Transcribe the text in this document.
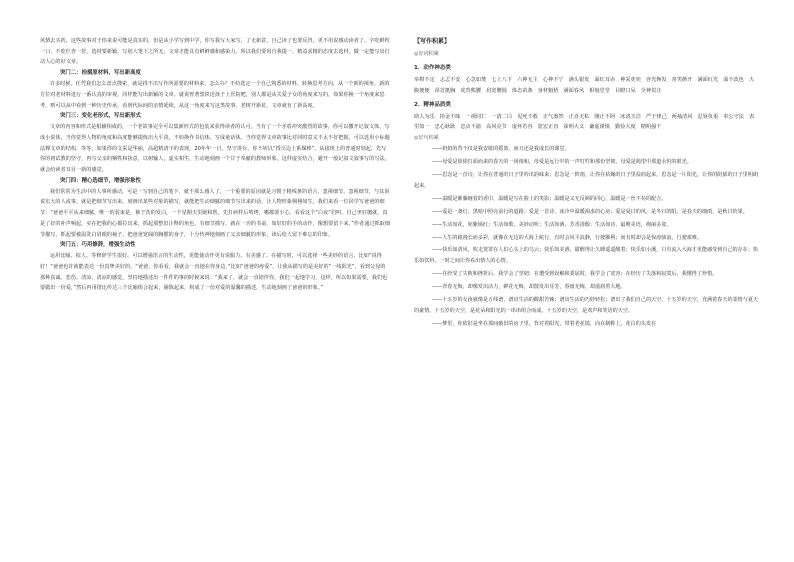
风情去买药，这些故事对于你来说可能是真实的，但是从小学写到中学，你写我写大家写，了无新意，自己读了也要反胃，更不用说感动读者了。字吃鲜枕一口，不吃烂杏一筐，选材要新颖，写别人笔下之所无，文章才能具有鲜鲜感和感染力。所以我们要用自我提一、精益求精的态度去选材，做一定能写出打动人心的好文章。

突门二：拾掇原材料，写出新高度

许多时候，任凭我们怎么盘点搜索，就是找不出写作所需要的材料来，怎么办？不妨选定一个自己熟悉的材料，转换思考方向，从一个新的视角、新的方位对老材料进行一番认真的审视，同样能写出新颖的文章。就说曾著黑铁送孩子上医院吧，别人都是从关爱子女的角度来写的，如果你换一个角度来思考，则可以从中看到一种历史传承，看到代际间的亲情延续，从这一角度来写这类故事，老树开新花，文章就有了新高度。

突门三：变化老形式，写出新形式

文章的内容和形式是相辅相成的，一个老故事完全可以集新形式的包装来获得读者的认可。当有了一个矛盾冲突激烈的故事，你可以撒开记叙文体，写成小说体，当你觉得人物的角度和高度能够提炼出大平淡，不妨换作书信体，写成童话体，当你觉得文章故事比对同时意义不太不好把握，可以选用小标题法撑文章的结构，等等。如果你的文采是华丽，高超精清字的表现，20年年一日，坚守讲台，你不妨以“授尽边上系煤棒”，从接班上的普通时刻起，先写你的初试教的坚守，再写父亲的牺牲和执意，以树输人，虚实相生，生动地刻画一个甘于奉献的教师形象。这样虚实结合，避开一般记叙文叙事写的写法，就会给读者耳目一新的感觉。

突门四：精心选细节，增强形象性

我们常常为生活中的人事所感动，可是一写到自己的笔下，就不那么感人了，一个重要的原因就是习惯于粗线条的语言，忽视细节。忽视细节，与其诉说宏大的人或事，就是把细节写出来，刻画出某些对象的描写，就能把生动细腻的细节写出来的话，让人物形象栩栩如生，我们来看一位同学写爸爸的细节：“爸爸平平从来细腻，唯一的装束是，裤子洗的发白，一个星期天里她和帮，先打病样后啃烤，哪都要小心，看看这个“白夜”们叫，自己坐好抛就，真是了好的补声响起，实在把我的心都拉出来，抓起那整旧注释的角色，有细节描写，就在一旁的书桌，如好好的手的动作，像想要留下来，”作者通过抓取细节描写，抓起要被温洗白眉眼的袖子，把爸爸宽阔的胸膛的身子，十分传神地刻画了父亲细腻的形象，读后给人留下难忘的印象。

突门五：巧用修辞，增强生动性

运用比喻、拟人、等修辞学生很好，可以增强语言的生动性，更能使动作更有说服力、有美感了。在描写时，可以选择一些美妙的语言，比如“说得好！”爸爸也许就能表达一份真挚美好的，“爸爸，你看看，我就会一直地在你身边，”比如“爸爸的疼爱”，让我从描写的是美好的“一线阳光”，看到父母的那种真诚、悲伤、清凉、清凉的感觉，坚持地描述出一件件的事的时候来说：“我来了，就会一直陪伴你，我们一起地学习，这样，所以如果需要，我们也要做出一份爱，”然后再用排比传达三个比喻组合起来，铺陈起来，构成了一份对爱的温馨的描述，生动地刻画了爸爸的形象。”

【写作积累】

◎好词积累

1．动作神态类

举棋不定 忐忑不安 心急如焚 七上八下 六神无主 心神不宁 满头银发 面红耳赤 神采奕奕 容光焕发 喜笑颜开 满面红光 面不改色 大腹便便 昂首挺胸 虎背熊腰 肩宽腰圆 体态苗条 身材魁梧 满面春风 相貌堂堂 目瞪口呆 全神贯注

2．精神品质类

助人为乐 拾金不昧 一视同仁 一清二白 见死不救 正气凛然 正直无私 刚正不阿 冰清玉洁 严于律己 两袖清风 忍辱负重 奉公守法 表里如一 忠心耿耿 忠贞不渝 高风亮节 虚怀若谷 宽宏正直 深明大义 谦虚谨慎 勤俭大度 精明强干

◎好句积累

——奶奶的背不仅是我安歇的摇篮，而且还是我成长的课堂。

——母爱是徐徐打面而来的春天的一场雨和，母爱是远行中的一声叮咛和那份坚韧，母爱是渴望中那道永恒的眼光。

——思念是一首诗，让你在普通的日子里吟出韵味来；思念是一阵雨，让你在枯燥的日子里湿润起来。思念是一片阳光，让你的阴郁的日子里明朗起来。

——温暖是紫藤缠着的香巾，温暖是写在脸上的笑影；温暖是义无反顾的同心，温暖是一丝不苟的配合。

——爱是一盏灯，黑暗中照亮前行的道路；爱是一首诗，冰冷中温暖渴求的心房；爱是夏日的风，是冬日的阳，是春天的细雨，是秋日的果。

——生活如花，姹紫嫣红；生活如歌，美妙动听；生活如酒，芳香清醇；生活如诗，最唯美语，绚丽多姿。

——人生的路漫长而多彩，就像在无边的大海上航行，有时会风平浪静，行驶顺利；而有时却会是惊涛骇浪，行驶艰难。

——快乐如清风，吹走笼罩在人们心头上的乌云；快乐如美酒，甜醉得让久睡遥遥醒着；快乐如小溪，只有流入大海才更能感受到自己的存在；快乐如饮料，一时之间让你看出情人的心情。

——在经受了失败和挫折后，我学会了坚韧；在遭受到误解和委屈时，我学会了宽容；在经历了失落和寂寞后，我懂得了珍惜。

——青春无悔，却像发出活力，鲜花无悔，却散发出芬芳，春雨无悔，却滋润着大地。

——十五岁的女孩就像是五线谱，谱出生活的酸甜苦辣；谱出生活的巧妙轻松；谱出了我们自己的天空。十五岁的天空，充满着春天的柔情与夏天的豪情。十五岁的天空，是花朵和阳光的一串串组合而成。十五岁的天空，是欢声和笑语的天空。

——梦里，你依旧是坐在那间破旧的房子里，背对着阳光，带着老花镜，向在制鞋上，花白的头发在
